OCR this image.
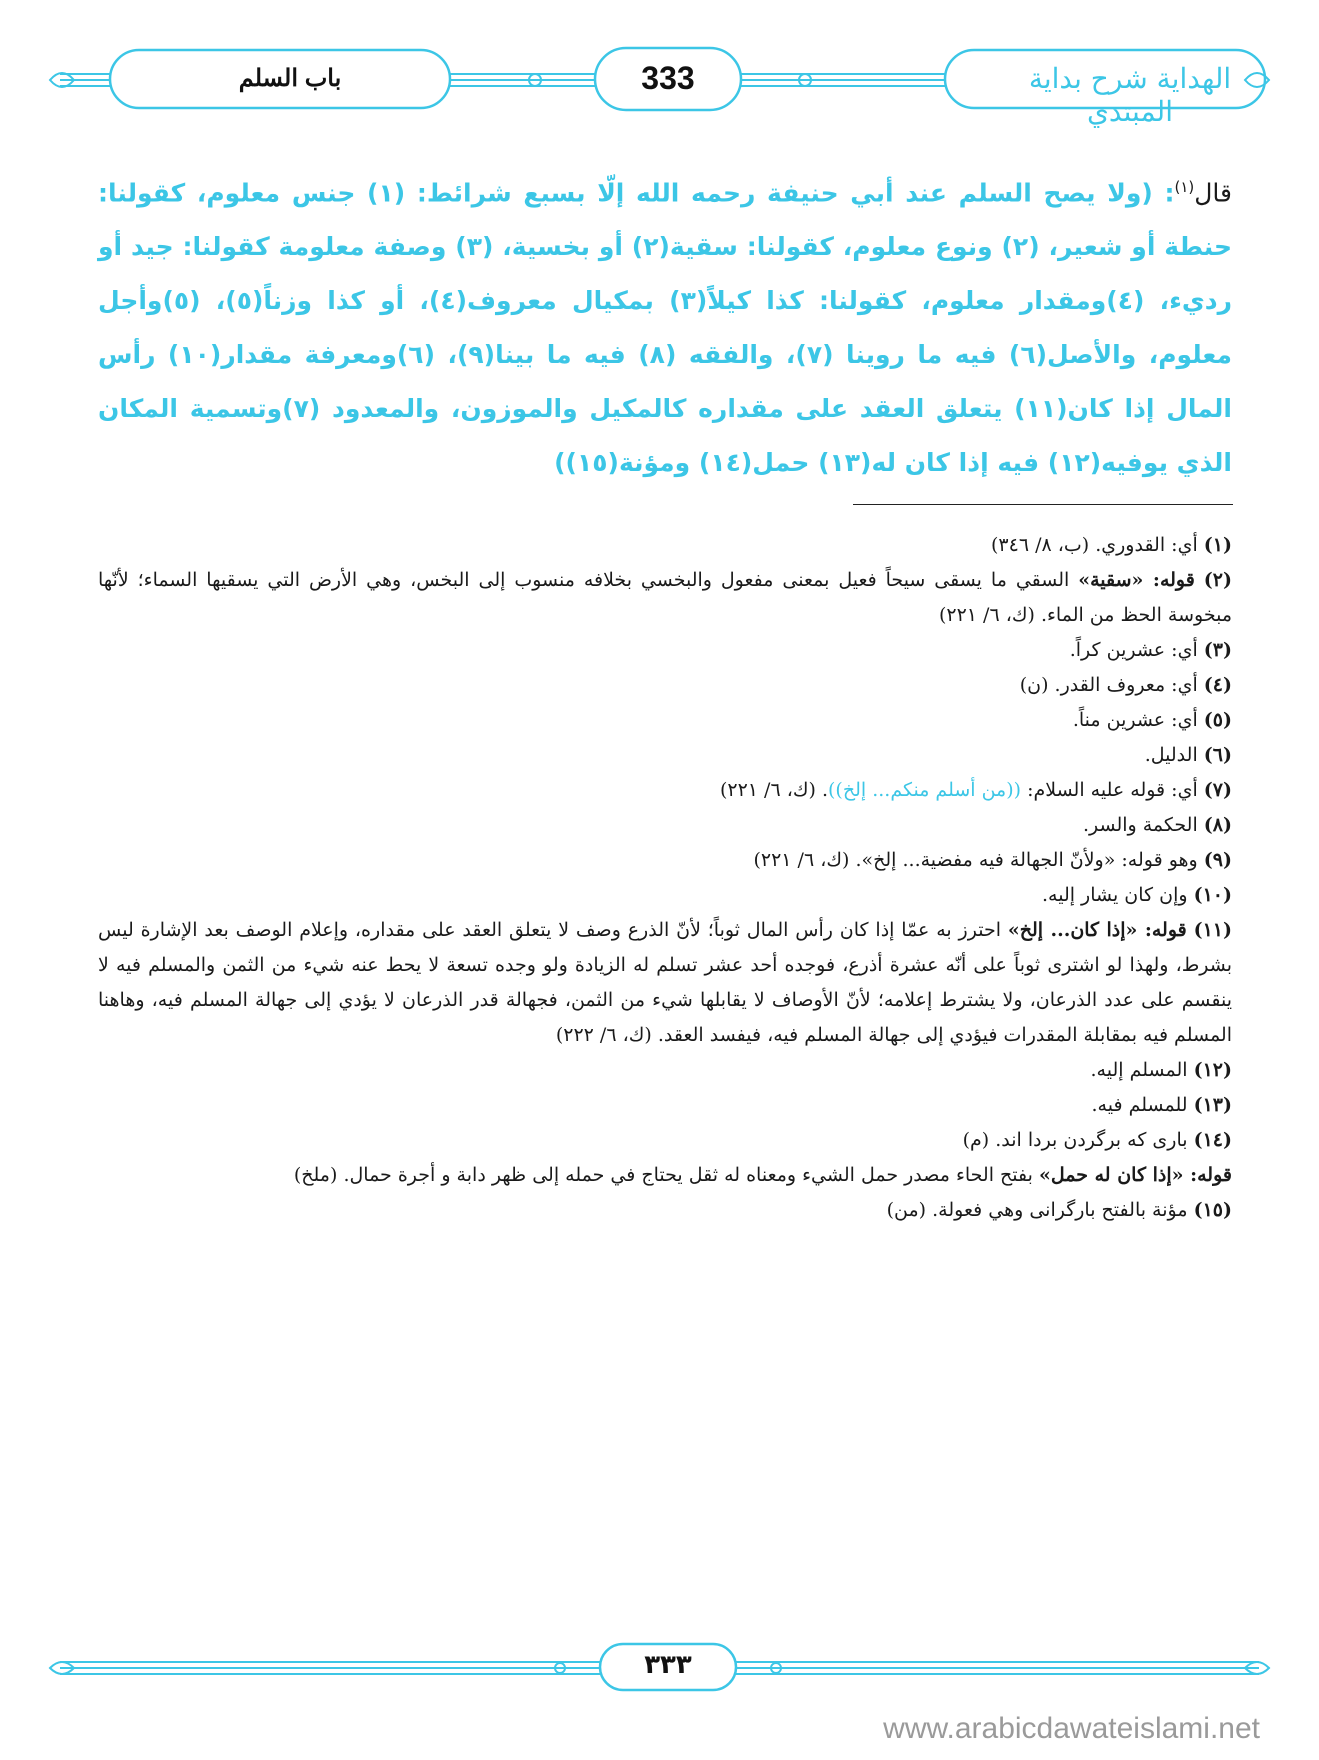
باب السلم	333	الهداية شرح بداية المبتدي
قال$^{(١)}$: (ولا يصح السلم عند أبي حنيفة رحمه الله إلّا بسبع شرائط: (١) جنس معلوم، كقولنا: حنطة أو شعير، (٢) ونوع معلوم، كقولنا: سقية(٢) أو بخسية، (٣) وصفة معلومة كقولنا: جيد أو رديء، (٤)ومقدار معلوم، كقولنا: كذا كيلاً(٣) بمكيال معروف(٤)، أو كذا وزناً(٥)، (٥)وأجل معلوم، والأصل(٦) فيه ما روينا (٧)، والفقه (٨) فيه ما بينا(٩)، (٦)ومعرفة مقدار(١٠) رأس المال إذا كان(١١) يتعلق العقد على مقداره كالمكيل والموزون، والمعدود (٧)وتسمية المكان الذي يوفيه(١٢) فيه إذا كان له(١٣) حمل(١٤) ومؤنة(١٥))

(١) أي: القدوري. (ب، ٨/ ٣٤٦)

(٢) قوله: «سقية» السقي ما يسقى سيحاً فعيل بمعنى مفعول والبخسي بخلافه منسوب إلى البخس، وهي الأرض التي يسقيها السماء؛ لأنّها مبخوسة الحظ من الماء. (ك، ٦/ ٢٢١)

(٣) أي: عشرين كراً.

(٤) أي: معروف القدر. (ن)

(٥) أي: عشرين مناً.

(٦) الدليل.

(٧) أي: قوله عليه السلام: ((من أسلم منكم... إلخ)). (ك، ٦/ ٢٢١)

(٨) الحكمة والسر.

(٩) وهو قوله: «ولأنّ الجهالة فيه مفضية... إلخ». (ك، ٦/ ٢٢١)

(١٠) وإن كان يشار إليه.

(١١) قوله: «إذا كان... إلخ» احترز به عمّا إذا كان رأس المال ثوباً؛ لأنّ الذرع وصف لا يتعلق العقد على مقداره، وإعلام الوصف بعد الإشارة ليس بشرط، ولهذا لو اشترى ثوباً على أنّه عشرة أذرع، فوجده أحد عشر تسلم له الزيادة ولو وجده تسعة لا يحط عنه شيء من الثمن والمسلم فيه لا ينقسم على عدد الذرعان، ولا يشترط إعلامه؛ لأنّ الأوصاف لا يقابلها شيء من الثمن، فجهالة قدر الذرعان لا يؤدي إلى جهالة المسلم فيه، وهاهنا المسلم فيه بمقابلة المقدرات فيؤدي إلى جهالة المسلم فيه، فيفسد العقد. (ك، ٦/ ٢٢٢)

(١٢) المسلم إليه.

(١٣) للمسلم فيه.

(١٤) باری كه برگردن بردا اند. (م)

قوله: «إذا كان له حمل» بفتح الحاء مصدر حمل الشيء ومعناه له ثقل يحتاج في حمله إلى ظهر دابة و أجرة حمال. (ملخ)

(١٥) مؤنة بالفتح بارگرانی وهي فعولة. (من)

٣٣٣
www.arabicdawateislami.net
